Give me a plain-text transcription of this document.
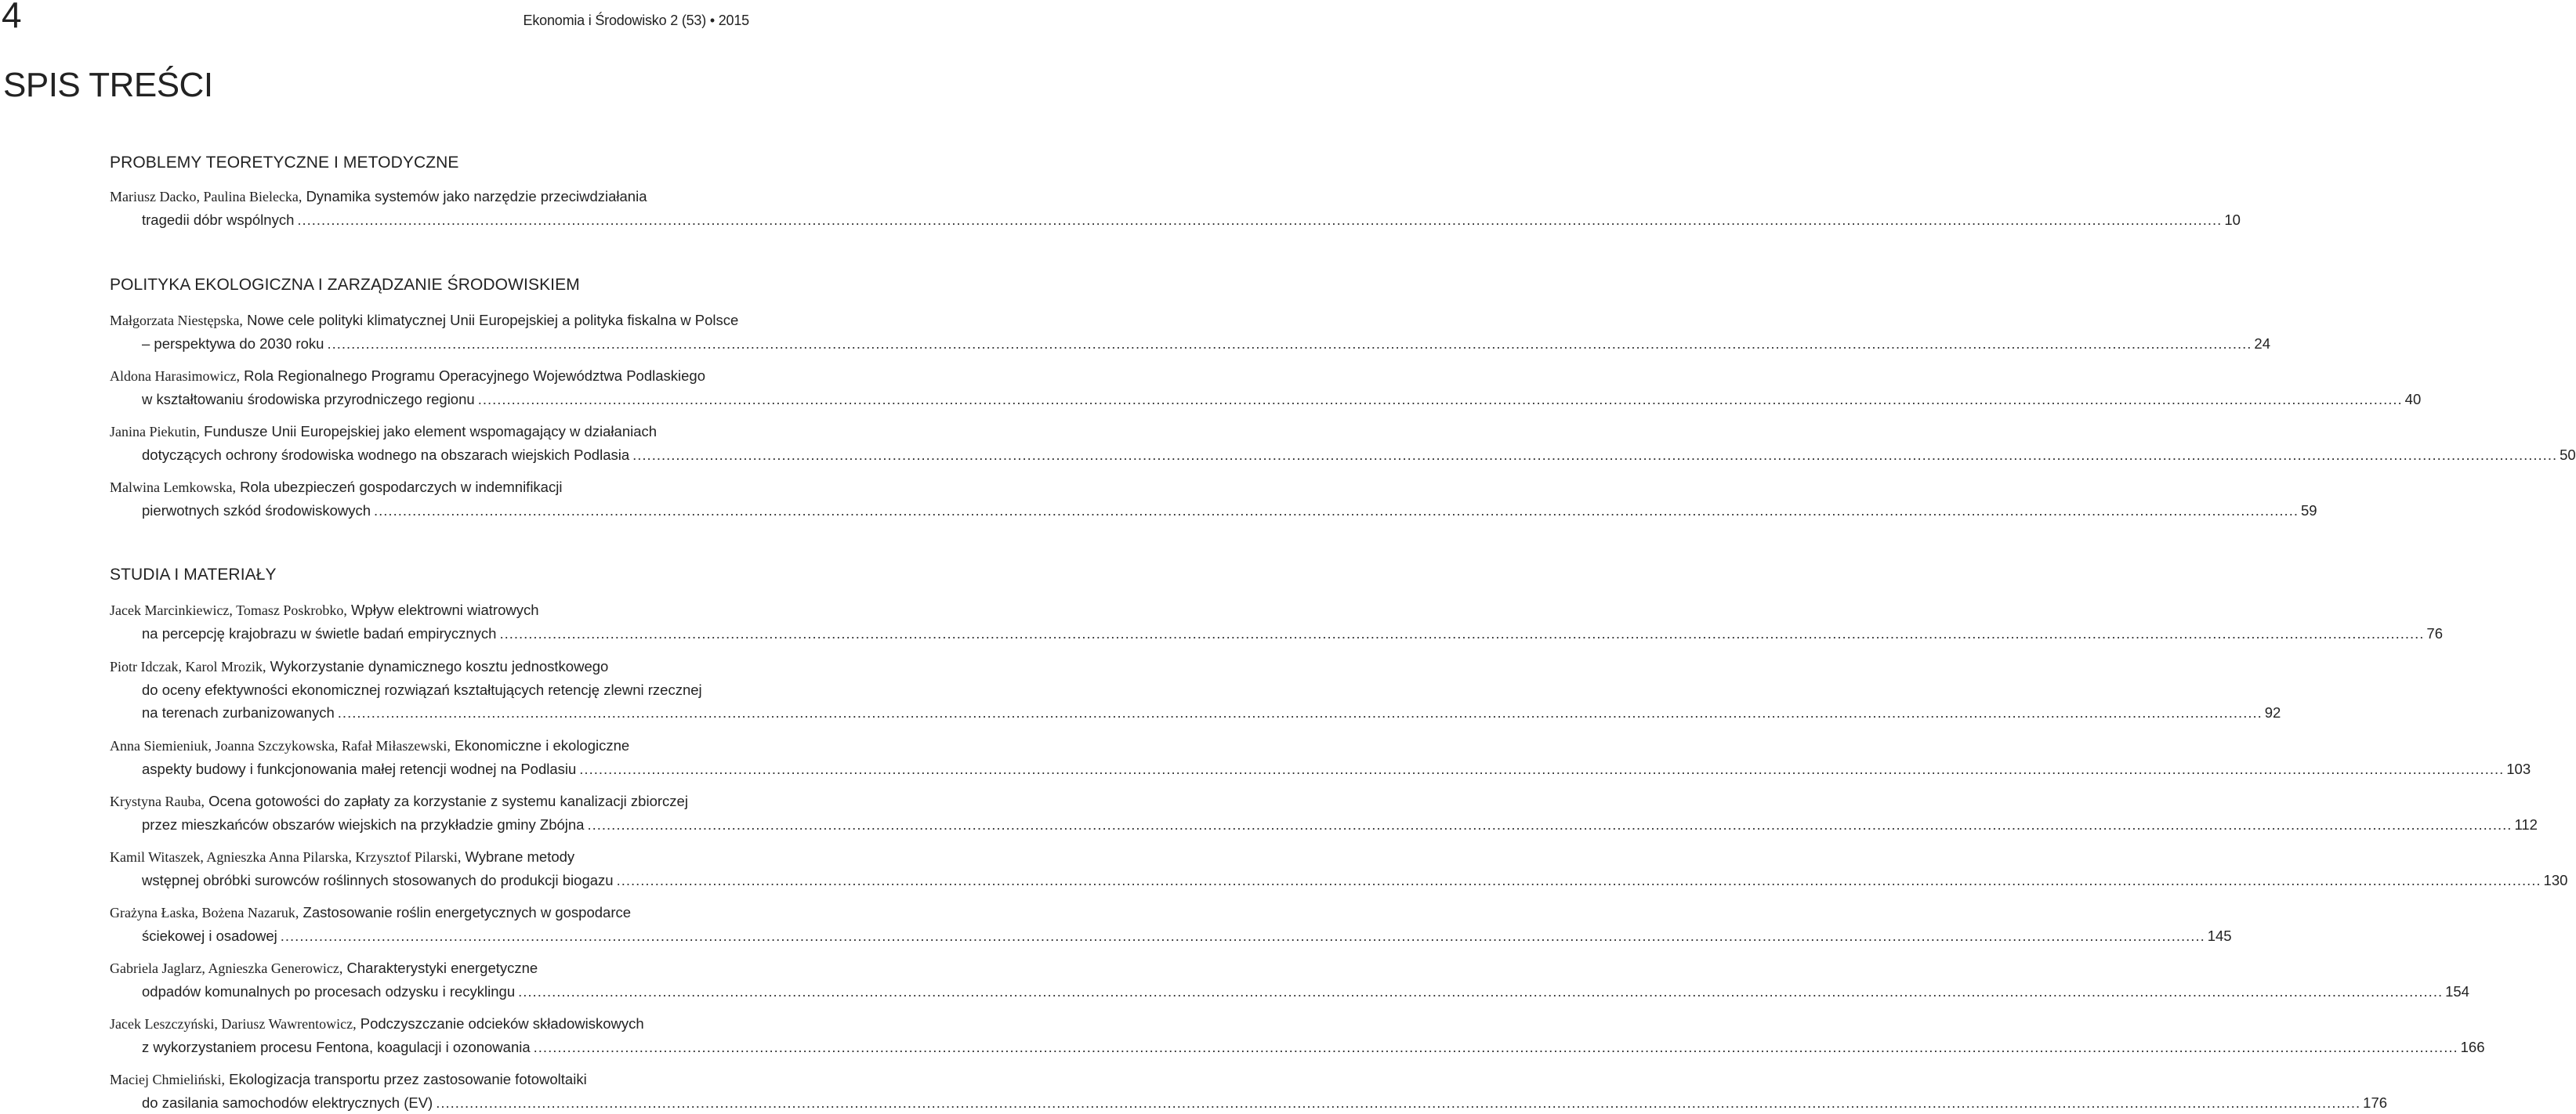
4	Ekonomia i Środowisko 2 (53) • 2015
SPIS TREŚCI
PROBLEMY TEORETYCZNE I METODYCZNE
Mariusz Dacko, Paulina Bielecka, Dynamika systemów jako narzędzie przeciwdziałania
tragedii dóbr wspólnych ................................................................................................................................................................................................................................................................................................................................................................................................................ 10
POLITYKA EKOLOGICZNA I ZARZĄDZANIE ŚRODOWISKIEM
Małgorzata Niestępska, Nowe cele polityki klimatycznej Unii Europejskiej a polityka fiskalna w Polsce
– perspektywa do 2030 roku ................................................................................................................................................................................................................................................................................................................................................................................................................ 24
Aldona Harasimowicz, Rola Regionalnego Programu Operacyjnego Województwa Podlaskiego
w kształtowaniu środowiska przyrodniczego regionu ................................................................................................................................................................................................................................................................................................................................................................................................................ 40
Janina Piekutin, Fundusze Unii Europejskiej jako element wspomagający w działaniach
dotyczących ochrony środowiska wodnego na obszarach wiejskich Podlasia ................................................................................................................................................................................................................................................................................................................................................................................................................ 50
Malwina Lemkowska, Rola ubezpieczeń gospodarczych w indemnifikacji
pierwotnych szkód środowiskowych ................................................................................................................................................................................................................................................................................................................................................................................................................ 59
STUDIA I MATERIAŁY
Jacek Marcinkiewicz, Tomasz Poskrobko, Wpływ elektrowni wiatrowych
na percepcję krajobrazu w świetle badań empirycznych ................................................................................................................................................................................................................................................................................................................................................................................................................ 76
Piotr Idczak, Karol Mrozik, Wykorzystanie dynamicznego kosztu jednostkowego
do oceny efektywności ekonomicznej rozwiązań kształtujących retencję zlewni rzecznej
na terenach zurbanizowanych ................................................................................................................................................................................................................................................................................................................................................................................................................ 92
Anna Siemieniuk, Joanna Szczykowska, Rafał Miłaszewski, Ekonomiczne i ekologiczne
aspekty budowy i funkcjonowania małej retencji wodnej na Podlasiu ................................................................................................................................................................................................................................................................................................................................................................................................................ 103
Krystyna Rauba, Ocena gotowości do zapłaty za korzystanie z systemu kanalizacji zbiorczej
przez mieszkańców obszarów wiejskich na przykładzie gminy Zbójna ................................................................................................................................................................................................................................................................................................................................................................................................................ 112
Kamil Witaszek, Agnieszka Anna Pilarska, Krzysztof Pilarski, Wybrane metody
wstępnej obróbki surowców roślinnych stosowanych do produkcji biogazu ................................................................................................................................................................................................................................................................................................................................................................................................................ 130
Grażyna Łaska, Bożena Nazaruk, Zastosowanie roślin energetycznych w gospodarce
ściekowej i osadowej ................................................................................................................................................................................................................................................................................................................................................................................................................ 145
Gabriela Jaglarz, Agnieszka Generowicz, Charakterystyki energetyczne
odpadów komunalnych po procesach odzysku i recyklingu ................................................................................................................................................................................................................................................................................................................................................................................................................ 154
Jacek Leszczyński, Dariusz Wawrentowicz, Podczyszczanie odcieków składowiskowych
z wykorzystaniem procesu Fentona, koagulacji i ozonowania ................................................................................................................................................................................................................................................................................................................................................................................................................ 166
Maciej Chmieliński, Ekologizacja transportu przez zastosowanie fotowoltaiki
do zasilania samochodów elektrycznych (EV) ................................................................................................................................................................................................................................................................................................................................................................................................................ 176
